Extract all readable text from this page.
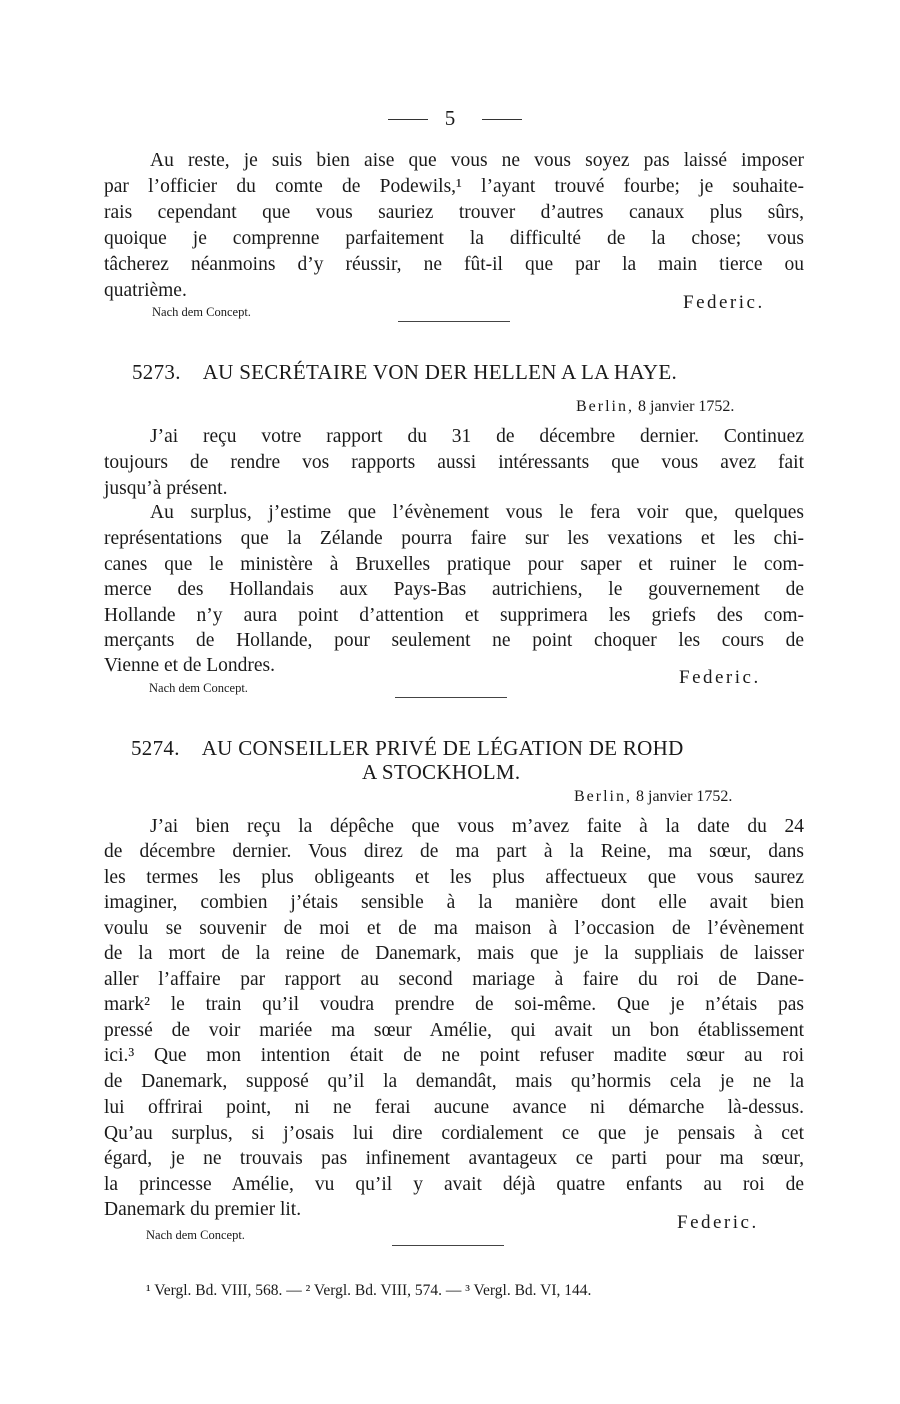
5
Au reste, je suis bien aise que vous ne vous soyez pas laissé imposer
par l’officier du comte de Podewils,¹ l’ayant trouvé fourbe; je souhaite-
rais cependant que vous sauriez trouver d’autres canaux plus sûrs,
quoique je comprenne parfaitement la difficulté de la chose; vous
tâcherez néanmoins d’y réussir, ne fût-il que par la main tierce ou
quatrième.
Federic.
Nach dem Concept.
5273. AU SECRÉTAIRE VON DER HELLEN A LA HAYE.
Berlin, 8 janvier 1752.
J’ai reçu votre rapport du 31 de décembre dernier. Continuez
toujours de rendre vos rapports aussi intéressants que vous avez fait
jusqu’à présent.
Au surplus, j’estime que l’évènement vous le fera voir que, quelques
représentations que la Zélande pourra faire sur les vexations et les chi-
canes que le ministère à Bruxelles pratique pour saper et ruiner le com-
merce des Hollandais aux Pays-Bas autrichiens, le gouvernement de
Hollande n’y aura point d’attention et supprimera les griefs des com-
merçants de Hollande, pour seulement ne point choquer les cours de
Vienne et de Londres.
Federic.
Nach dem Concept.
5274. AU CONSEILLER PRIVÉ DE LÉGATION DE ROHD
A STOCKHOLM.
Berlin, 8 janvier 1752.
J’ai bien reçu la dépêche que vous m’avez faite à la date du 24
de décembre dernier. Vous direz de ma part à la Reine, ma sœur, dans
les termes les plus obligeants et les plus affectueux que vous saurez
imaginer, combien j’étais sensible à la manière dont elle avait bien
voulu se souvenir de moi et de ma maison à l’occasion de l’évènement
de la mort de la reine de Danemark, mais que je la suppliais de laisser
aller l’affaire par rapport au second mariage à faire du roi de Dane-
mark² le train qu’il voudra prendre de soi-même. Que je n’étais pas
pressé de voir mariée ma sœur Amélie, qui avait un bon établissement
ici.³ Que mon intention était de ne point refuser madite sœur au roi
de Danemark, supposé qu’il la demandât, mais qu’hormis cela je ne la
lui offrirai point, ni ne ferai aucune avance ni démarche là-dessus.
Qu’au surplus, si j’osais lui dire cordialement ce que je pensais à cet
égard, je ne trouvais pas infinement avantageux ce parti pour ma sœur,
la princesse Amélie, vu qu’il y avait déjà quatre enfants au roi de
Danemark du premier lit.
Federic.
Nach dem Concept.
¹ Vergl. Bd. VIII, 568. — ² Vergl. Bd. VIII, 574. — ³ Vergl. Bd. VI, 144.
